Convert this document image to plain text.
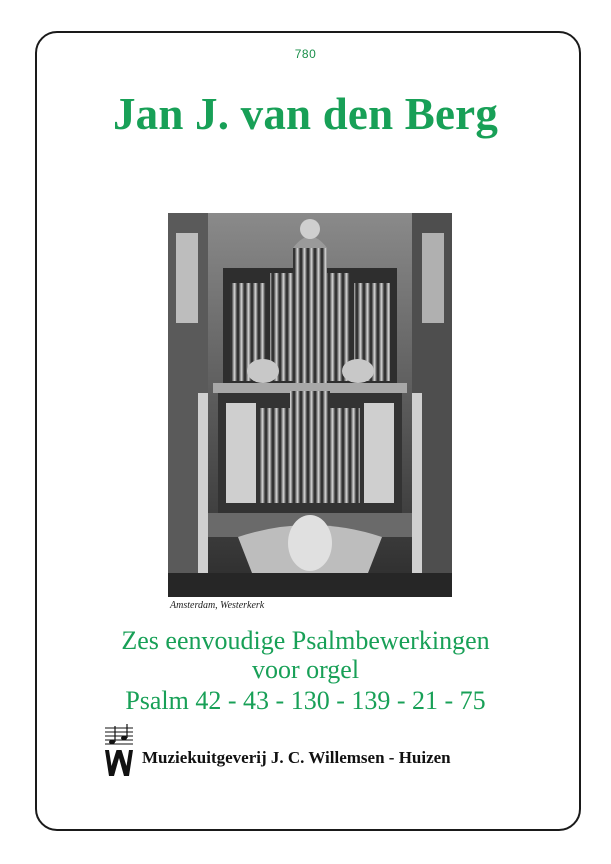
780
Jan J. van den Berg
Amsterdam, Westerkerk
Zes eenvoudige Psalmbewerkingen
voor orgel
Psalm 42 - 43 - 130 - 139 - 21 - 75
Muziekuitgeverij J. C. Willemsen - Huizen
